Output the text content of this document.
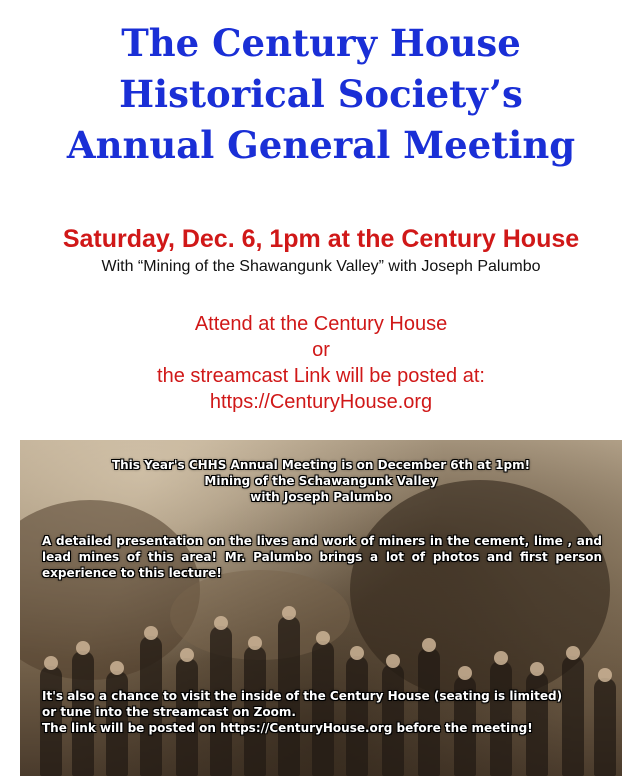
The Century House
Historical Society’s
Annual General Meeting
Saturday, Dec. 6, 1pm at the Century House
With “Mining of the Shawangunk Valley” with Joseph Palumbo
Attend at the Century House
or
the streamcast Link will be posted at:
https://CenturyHouse.org

This Year's CHHS Annual Meeting is on December 6th at 1pm!
Mining of the Schawangunk Valley
with Joseph Palumbo

A detailed presentation on the lives and work of miners in the cement, lime , and lead mines of this area! Mr. Palumbo brings a lot of photos and first person experience to this lecture!

It's also a chance to visit the inside of the Century House (seating is limited)
or tune into the streamcast on Zoom.
The link will be posted on https://CenturyHouse.org before the meeting!
